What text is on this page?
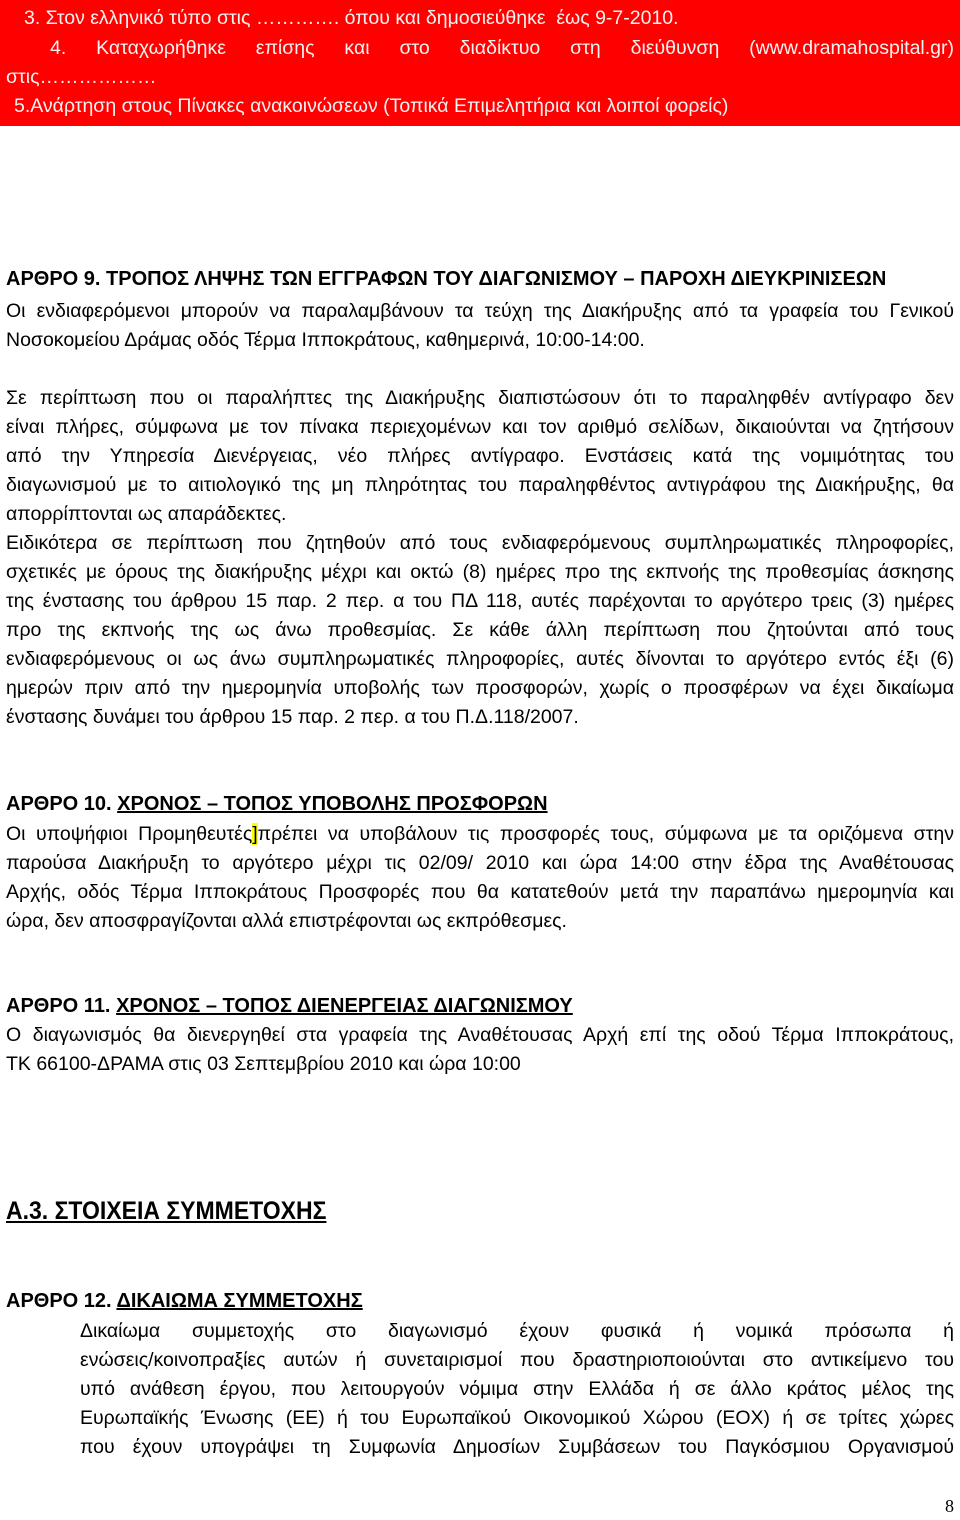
3. Στον ελληνικό τύπο στις …………. όπου και δημοσιεύθηκε  έως 9-7-2010.
4.  Καταχωρήθηκε  επίσης  και  στο  διαδίκτυο  στη  διεύθυνση  (www.dramahospital.gr)
στις………………
5.Ανάρτηση στους Πίνακες ανακοινώσεων (Τοπικά Επιμελητήρια και λοιποί φορείς)
ΑΡΘΡΟ 9. ΤΡΟΠΟΣ ΛΗΨΗΣ ΤΩΝ ΕΓΓΡΑΦΩΝ ΤΟΥ ΔΙΑΓΩΝΙΣΜΟΥ – ΠΑΡΟΧΗ ΔΙΕΥΚΡΙΝΙΣΕΩΝ
Οι ενδιαφερόμενοι μπορούν να παραλαμβάνουν τα τεύχη της Διακήρυξης από τα γραφεία του Γενικού
Νοσοκομείου Δράμας οδός Τέρμα Ιπποκράτους, καθημερινά, 10:00-14:00.
Σε περίπτωση που οι παραλήπτες της Διακήρυξης διαπιστώσουν ότι το παραληφθέν αντίγραφο δεν
είναι πλήρες, σύμφωνα με τον πίνακα περιεχομένων και τον αριθμό σελίδων, δικαιούνται να ζητήσουν
από την Υπηρεσία Διενέργειας, νέο πλήρες αντίγραφο. Ενστάσεις κατά της νομιμότητας του
διαγωνισμού με το αιτιολογικό της μη πληρότητας του παραληφθέντος αντιγράφου της Διακήρυξης, θα
απορρίπτονται ως απαράδεκτες.
Ειδικότερα σε περίπτωση που ζητηθούν από τους ενδιαφερόμενους συμπληρωματικές πληροφορίες,
σχετικές με όρους της διακήρυξης μέχρι και οκτώ (8) ημέρες προ της εκπνοής της προθεσμίας άσκησης
της ένστασης του άρθρου 15 παρ. 2 περ. α του ΠΔ 118, αυτές παρέχονται το αργότερο τρεις (3) ημέρες
προ της εκπνοής της ως άνω προθεσμίας. Σε κάθε άλλη περίπτωση που ζητούνται από τους
ενδιαφερόμενους οι ως άνω συμπληρωματικές πληροφορίες, αυτές δίνονται το αργότερο εντός έξι (6)
ημερών πριν από την ημερομηνία υποβολής των προσφορών, χωρίς ο προσφέρων να έχει δικαίωμα
ένστασης δυνάμει του άρθρου 15 παρ. 2 περ. α του Π.Δ.118/2007.
ΑΡΘΡΟ 10. ΧΡΟΝΟΣ – ΤΟΠΟΣ ΥΠΟΒΟΛΗΣ ΠΡΟΣΦΟΡΩΝ
Οι υποψήφιοι Προμηθευτές]πρέπει να υποβάλουν τις προσφορές τους, σύμφωνα με τα οριζόμενα στην
παρούσα Διακήρυξη το αργότερο μέχρι τις 02/09/ 2010 και ώρα 14:00 στην έδρα της Αναθέτουσας
Αρχής, οδός Τέρμα Ιπποκράτους Προσφορές που θα κατατεθούν μετά την παραπάνω ημερομηνία και
ώρα, δεν αποσφραγίζονται αλλά επιστρέφονται ως εκπρόθεσμες.
ΑΡΘΡΟ 11. ΧΡΟΝΟΣ – ΤΟΠΟΣ ΔΙΕΝΕΡΓΕΙΑΣ ΔΙΑΓΩΝΙΣΜΟΥ
Ο διαγωνισμός θα διενεργηθεί στα γραφεία της Αναθέτουσας Αρχή επί της οδού Τέρμα Ιπποκράτους,
ΤΚ 66100-ΔΡΑΜΑ στις 03 Σεπτεμβρίου 2010 και ώρα 10:00
Α.3. ΣΤΟΙΧΕΙΑ ΣΥΜΜΕΤΟΧΗΣ
ΑΡΘΡΟ 12. ΔΙΚΑΙΩΜΑ ΣΥΜΜΕΤΟΧΗΣ
Δικαίωμα συμμετοχής στο διαγωνισμό έχουν φυσικά ή νομικά πρόσωπα ή
ενώσεις/κοινοπραξίες αυτών ή συνεταιρισμοί που δραστηριοποιούνται στο αντικείμενο του
υπό ανάθεση έργου, που λειτουργούν νόμιμα στην Ελλάδα ή σε άλλο κράτος μέλος της
Ευρωπαϊκής Ένωσης (ΕΕ) ή του Ευρωπαϊκού Οικονομικού Χώρου (ΕΟΧ) ή σε τρίτες χώρες
που έχουν υπογράψει τη Συμφωνία Δημοσίων Συμβάσεων του Παγκόσμιου Οργανισμού
8
